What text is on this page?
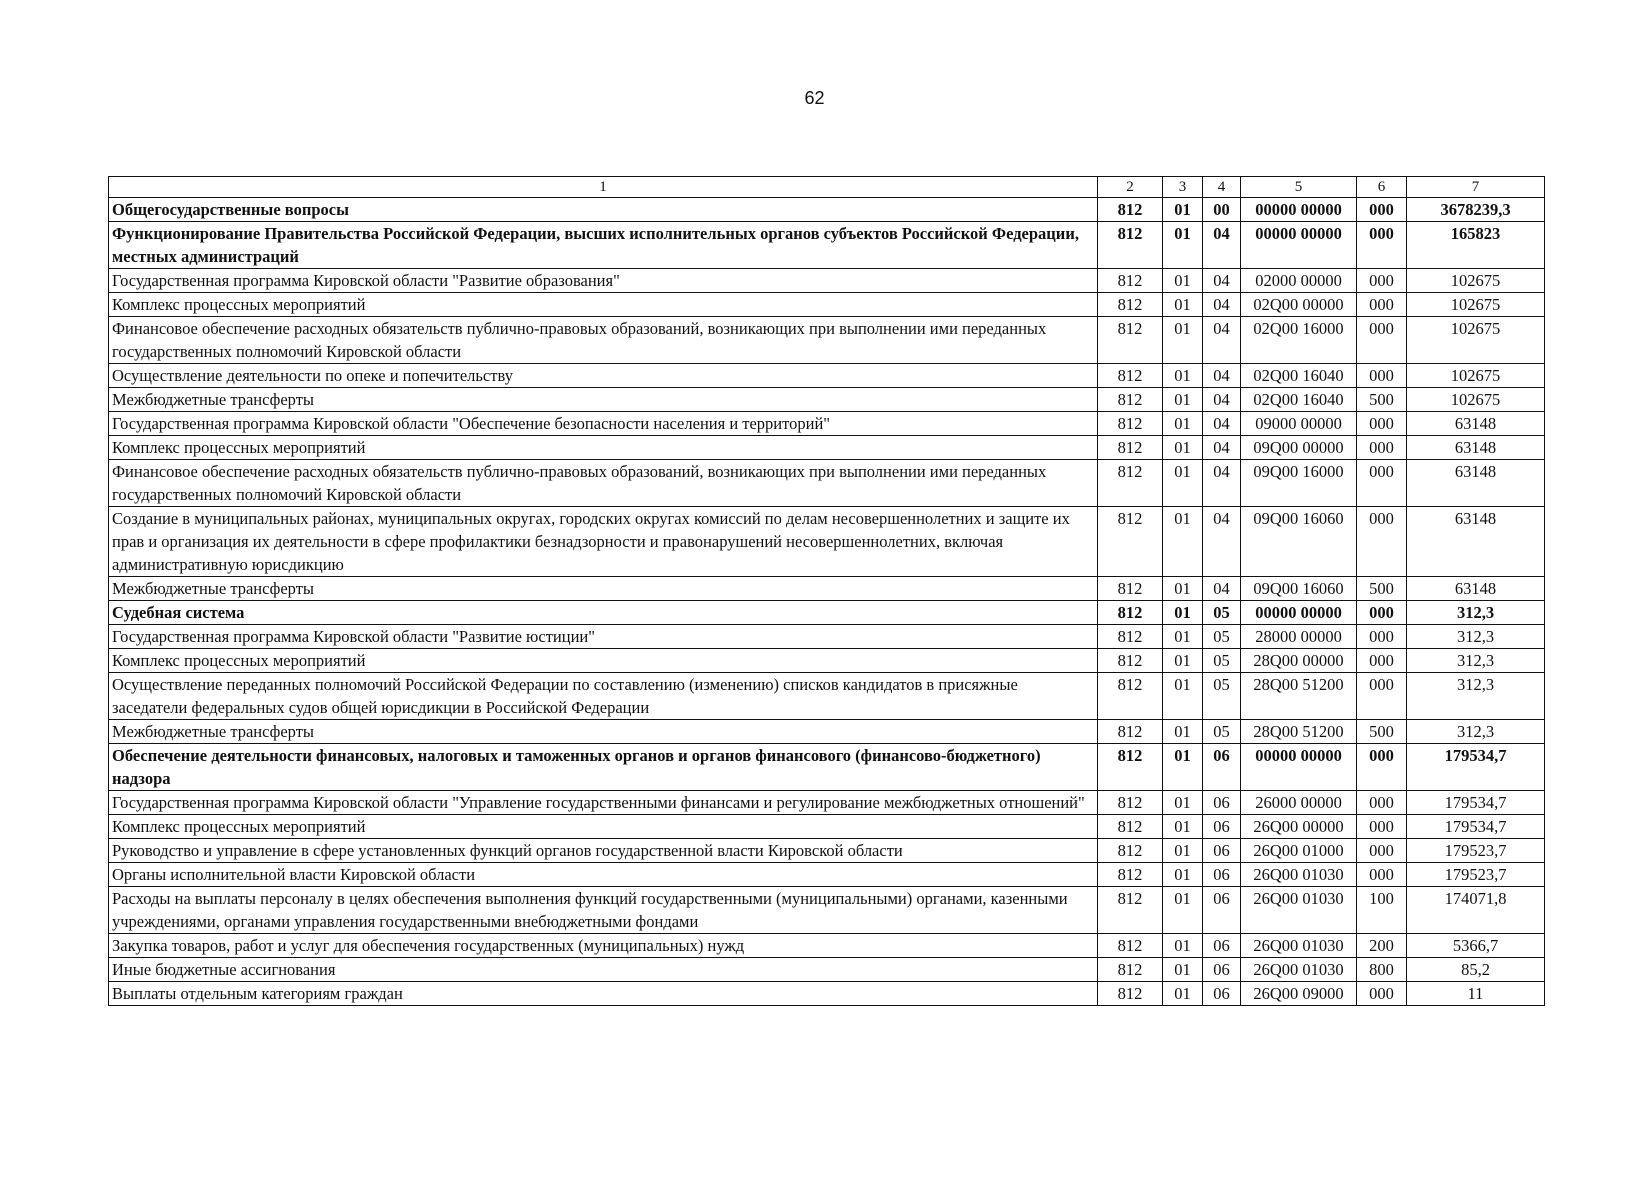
62
1	2	3	4	5	6	7
Общегосударственные вопросы	812	01	00	00000 00000	000	3678239,3
Функционирование Правительства Российской Федерации, высших исполнительных органов субъектов Российской Федерации, местных администраций	812	01	04	00000 00000	000	165823
Государственная программа Кировской области "Развитие образования"	812	01	04	02000 00000	000	102675
Комплекс процессных мероприятий	812	01	04	02Q00 00000	000	102675
Финансовое обеспечение расходных обязательств публично-правовых образований, возникающих при выполнении ими переданных государственных полномочий Кировской области	812	01	04	02Q00 16000	000	102675
Осуществление деятельности по опеке и попечительству	812	01	04	02Q00 16040	000	102675
Межбюджетные трансферты	812	01	04	02Q00 16040	500	102675
Государственная программа Кировской области "Обеспечение безопасности населения и территорий"	812	01	04	09000 00000	000	63148
Комплекс процессных мероприятий	812	01	04	09Q00 00000	000	63148
Финансовое обеспечение расходных обязательств публично-правовых образований, возникающих при выполнении ими переданных государственных полномочий Кировской области	812	01	04	09Q00 16000	000	63148
Создание в муниципальных районах, муниципальных округах, городских округах комиссий по делам несовершеннолетних и защите их прав и организация их деятельности в сфере профилактики безнадзорности и правонарушений несовершеннолетних, включая административную юрисдикцию	812	01	04	09Q00 16060	000	63148
Межбюджетные трансферты	812	01	04	09Q00 16060	500	63148
Судебная система	812	01	05	00000 00000	000	312,3
Государственная программа Кировской области "Развитие юстиции"	812	01	05	28000 00000	000	312,3
Комплекс процессных мероприятий	812	01	05	28Q00 00000	000	312,3
Осуществление переданных полномочий Российской Федерации по составлению (изменению) списков кандидатов в присяжные заседатели федеральных судов общей юрисдикции в Российской Федерации	812	01	05	28Q00 51200	000	312,3
Межбюджетные трансферты	812	01	05	28Q00 51200	500	312,3
Обеспечение деятельности финансовых, налоговых и таможенных органов и органов финансового (финансово-бюджетного) надзора	812	01	06	00000 00000	000	179534,7
Государственная программа Кировской области "Управление государственными финансами и регулирование межбюджетных отношений"	812	01	06	26000 00000	000	179534,7
Комплекс процессных мероприятий	812	01	06	26Q00 00000	000	179534,7
Руководство и управление в сфере установленных функций органов государственной власти Кировской области	812	01	06	26Q00 01000	000	179523,7
Органы исполнительной власти Кировской области	812	01	06	26Q00 01030	000	179523,7
Расходы на выплаты персоналу в целях обеспечения выполнения функций государственными (муниципальными) органами, казенными учреждениями, органами управления государственными внебюджетными фондами	812	01	06	26Q00 01030	100	174071,8
Закупка товаров, работ и услуг для обеспечения государственных (муниципальных) нужд	812	01	06	26Q00 01030	200	5366,7
Иные бюджетные ассигнования	812	01	06	26Q00 01030	800	85,2
Выплаты отдельным категориям граждан	812	01	06	26Q00 09000	000	11
